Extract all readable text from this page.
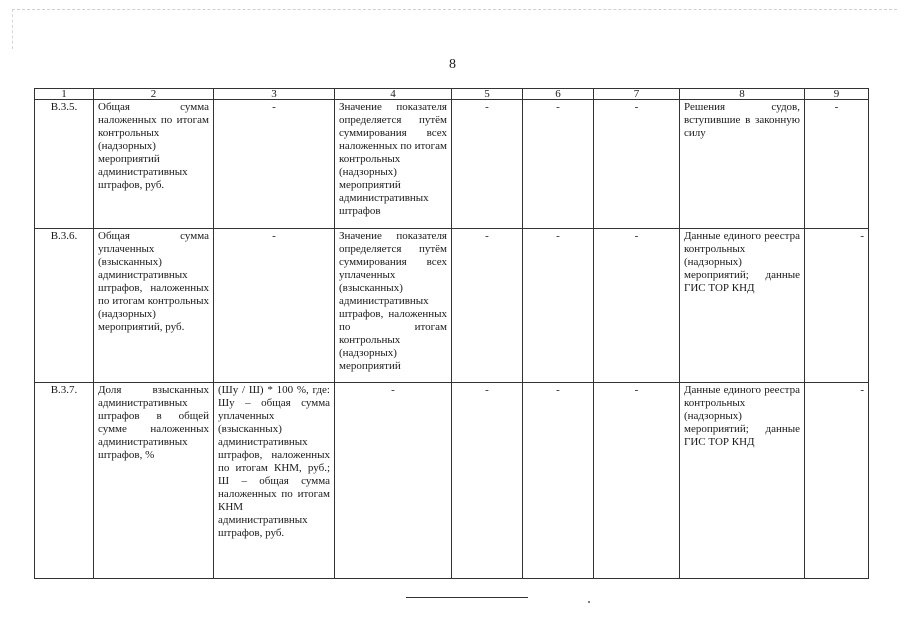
8
1	2	3	4	5	6	7	8	9
В.3.5.	Общая сумма наложенных по итогам контрольных (надзорных) мероприятий административных штрафов, руб.	-	Значение показателя определяется путём суммирования всех наложенных по итогам контрольных (надзорных) мероприятий административных штрафов	-	-	-	Решения судов, вступившие в законную силу	-
В.3.6.	Общая сумма уплаченных (взысканных) административных штрафов, наложенных по итогам контрольных (надзорных) мероприятий, руб.	-	Значение показателя определяется путём суммирования всех уплаченных (взысканных) административных штрафов, наложенных по итогам контрольных (надзорных) мероприятий	-	-	-	Данные единого реестра контрольных (надзорных) мероприятий; данные ГИС ТОР КНД	-
В.3.7.	Доля взысканных административных штрафов в общей сумме наложенных административных штрафов, %	(Шу / Ш) * 100 %, где: Шу – общая сумма уплаченных (взысканных) административных штрафов, наложенных по итогам КНМ, руб.; Ш – общая сумма наложенных по итогам КНМ административных штрафов, руб.	-	-	-	-	Данные единого реестра контрольных (надзорных) мероприятий; данные ГИС ТОР КНД	-
